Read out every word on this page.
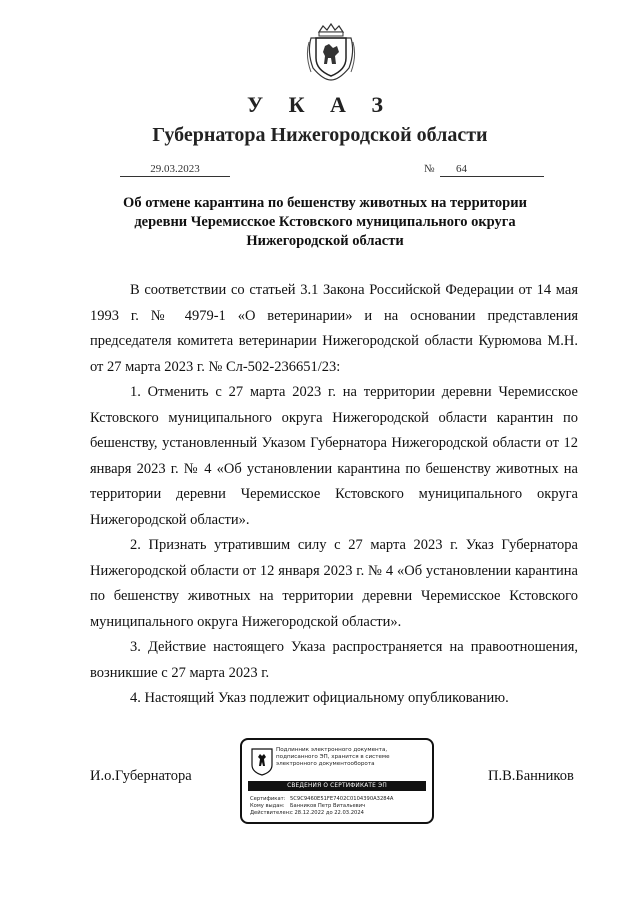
У К А З
Губернатора Нижегородской области
29.03.2023	№	64
Об отмене карантина по бешенству животных на территории
деревни Черемисское Кстовского муниципального округа
Нижегородской области

В соответствии со статьей 3.1 Закона Российской Федерации от 14 мая 1993 г. № 4979-1 «О ветеринарии» и на основании представления председателя комитета ветеринарии Нижегородской области Курюмова М.Н. от 27 марта 2023 г. № Сл-502-236651/23:

1. Отменить с 27 марта 2023 г. на территории деревни Черемисское Кстовского муниципального округа Нижегородской области карантин по бешенству, установленный Указом Губернатора Нижегородской области от 12 января 2023 г. № 4 «Об установлении карантина по бешенству животных на территории деревни Черемисское Кстовского муниципального округа Нижегородской области».

2. Признать утратившим силу с 27 марта 2023 г. Указ Губернатора Нижегородской области от 12 января 2023 г. № 4 «Об установлении карантина по бешенству животных на территории деревни Черемисское Кстовского муниципального округа Нижегородской области».

3. Действие настоящего Указа распространяется на правоотношения, возникшие с 27 марта 2023 г.

4. Настоящий Указ подлежит официальному опубликованию.

И.о.Губернатора	П.В.Банников
Подлинник электронного документа, подписанного ЭП, хранится в системе электронного документооборота
СВЕДЕНИЯ О СЕРТИФИКАТЕ ЭП
Сертификат: 5C9C9460E51FE7402C0104390A3284A
Кому выдан: Банников Петр Витальевич
Действителен:с 28.12.2022 до 22.03.2024
